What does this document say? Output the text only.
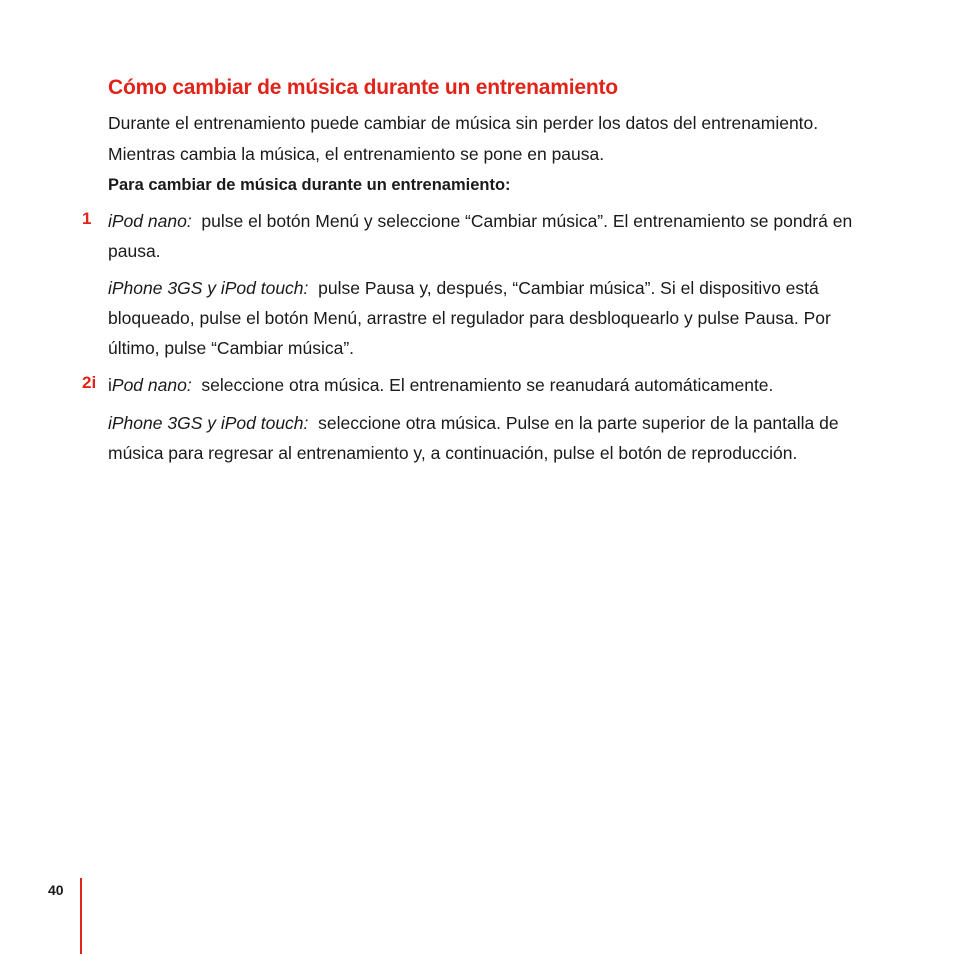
Cómo cambiar de música durante un entrenamiento

Durante el entrenamiento puede cambiar de música sin perder los datos del entrenamiento. Mientras cambia la música, el entrenamiento se pone en pausa.

Para cambiar de música durante un entrenamiento:

1 iPod nano: pulse el botón Menú y seleccione “Cambiar música”. El entrenamiento se pondrá en pausa.

iPhone 3GS y iPod touch: pulse Pausa y, después, “Cambiar música”. Si el dispositivo está bloqueado, pulse el botón Menú, arrastre el regulador para desbloquearlo y pulse Pausa. Por último, pulse “Cambiar música”.

2i iPod nano: seleccione otra música. El entrenamiento se reanudará automáticamente.

iPhone 3GS y iPod touch: seleccione otra música. Pulse en la parte superior de la pantalla de música para regresar al entrenamiento y, a continuación, pulse el botón de reproducción.

40
